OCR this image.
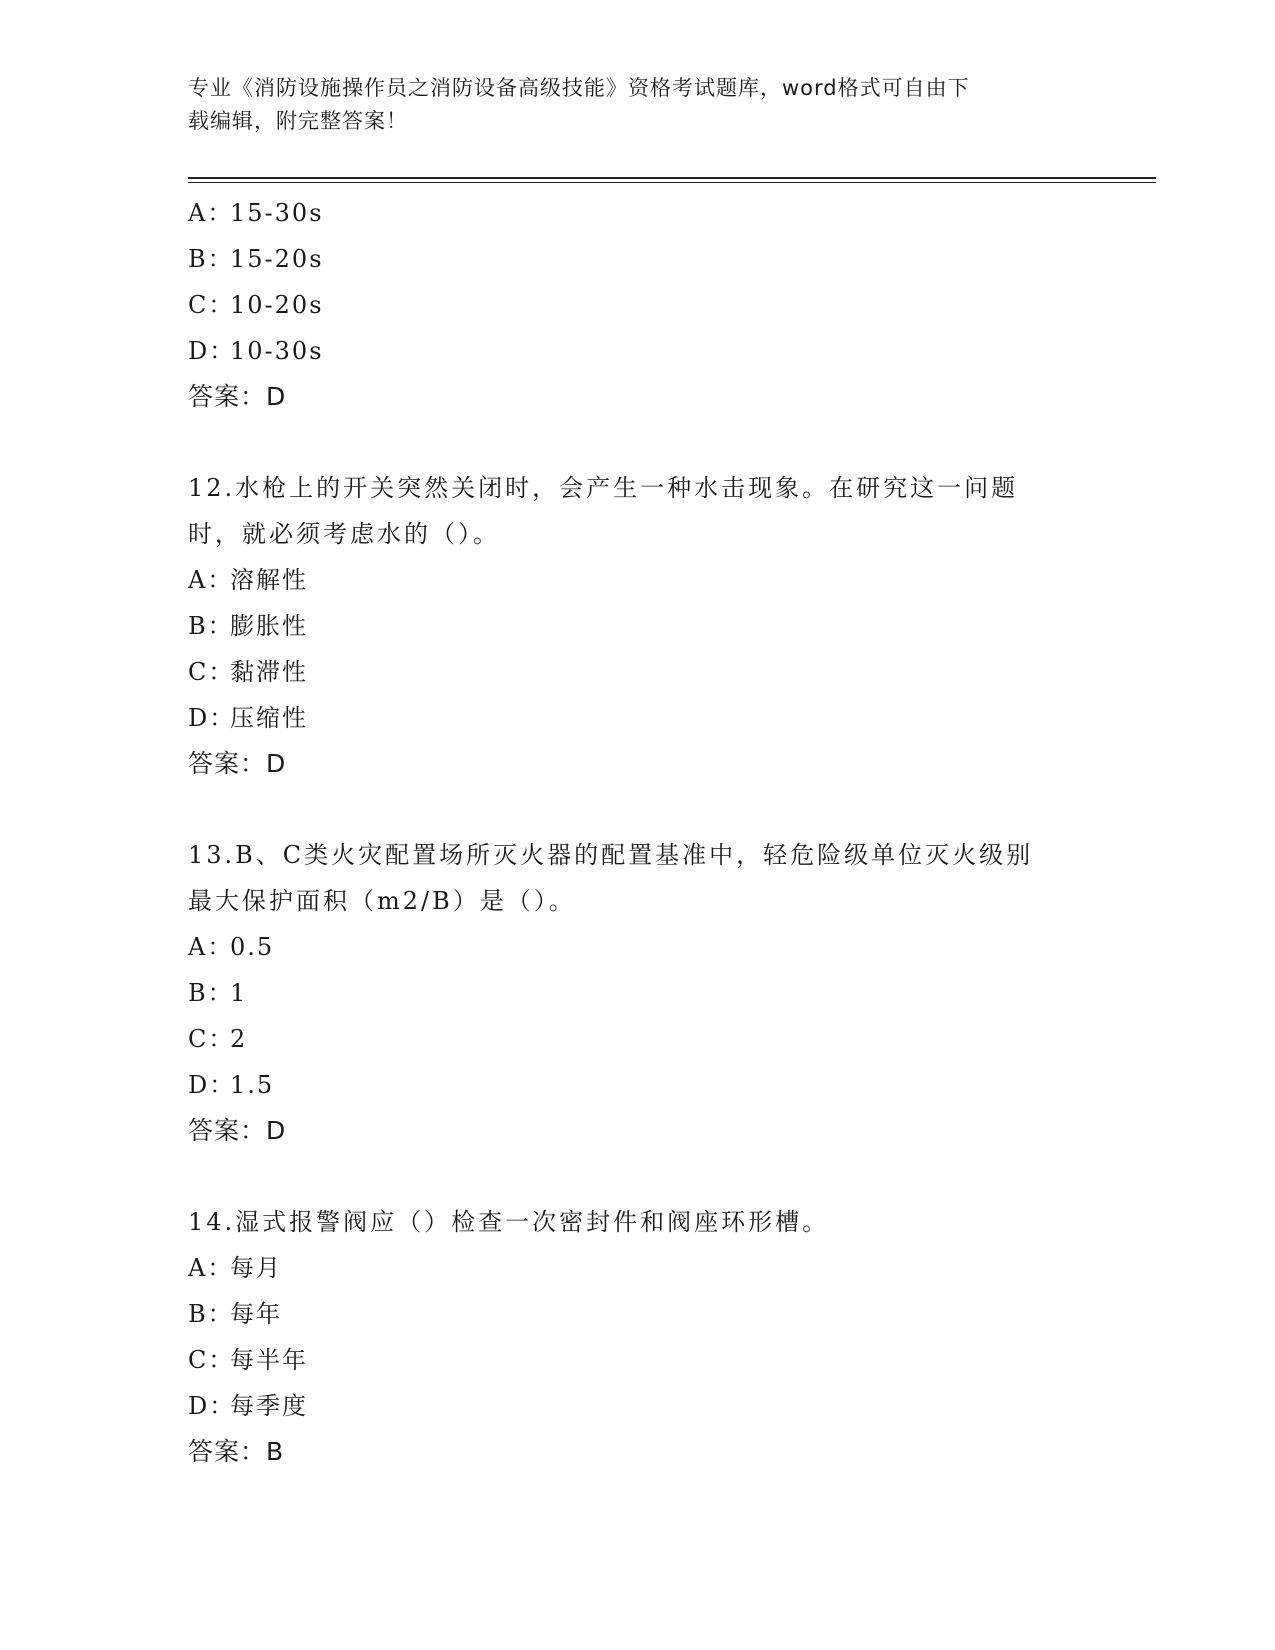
专业《消防设施操作员之消防设备高级技能》资格考试题库，word格式可自由下
载编辑，附完整答案！
A：15-30s
B：15-20s
C：10-20s
D：10-30s
答案：D
12.水枪上的开关突然关闭时，会产生一种水击现象。在研究这一问题
时，就必须考虑水的（）。
A：溶解性
B：膨胀性
C：黏滞性
D：压缩性
答案：D
13.B、C类火灾配置场所灭火器的配置基准中，轻危险级单位灭火级别
最大保护面积（m2/B）是（）。
A：0.5
B：1
C：2
D：1.5
答案：D
14.湿式报警阀应（）检查一次密封件和阀座环形槽。
A：每月
B：每年
C：每半年
D：每季度
答案：B
